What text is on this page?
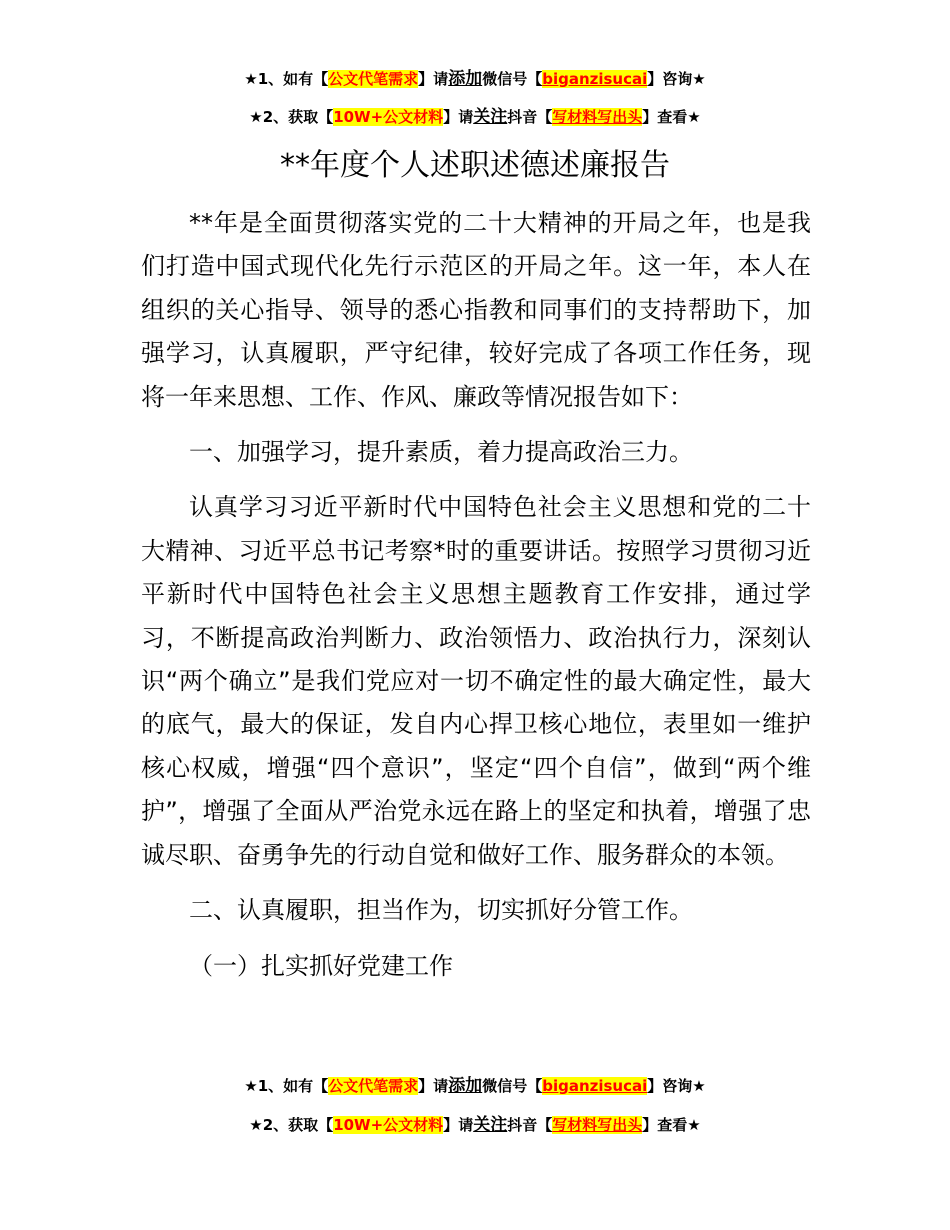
★1、如有【公文代笔需求】请添加微信号【biganzisucai】咨询★
★2、获取【10W+公文材料】请关注抖音【写材料写出头】查看★
**年度个人述职述德述廉报告

**年是全面贯彻落实党的二十大精神的开局之年，也是我们打造中国式现代化先行示范区的开局之年。这一年，本人在组织的关心指导、领导的悉心指教和同事们的支持帮助下，加强学习，认真履职，严守纪律，较好完成了各项工作任务，现将一年来思想、工作、作风、廉政等情况报告如下：

一、加强学习，提升素质，着力提高政治三力。

认真学习习近平新时代中国特色社会主义思想和党的二十大精神、习近平总书记考察*时的重要讲话。按照学习贯彻习近平新时代中国特色社会主义思想主题教育工作安排，通过学习，不断提高政治判断力、政治领悟力、政治执行力，深刻认识“两个确立”是我们党应对一切不确定性的最大确定性，最大的底气，最大的保证，发自内心捍卫核心地位，表里如一维护核心权威，增强“四个意识”，坚定“四个自信”，做到“两个维护”，增强了全面从严治党永远在路上的坚定和执着，增强了忠诚尽职、奋勇争先的行动自觉和做好工作、服务群众的本领。

二、认真履职，担当作为，切实抓好分管工作。

（一）扎实抓好党建工作

★1、如有【公文代笔需求】请添加微信号【biganzisucai】咨询★
★2、获取【10W+公文材料】请关注抖音【写材料写出头】查看★
